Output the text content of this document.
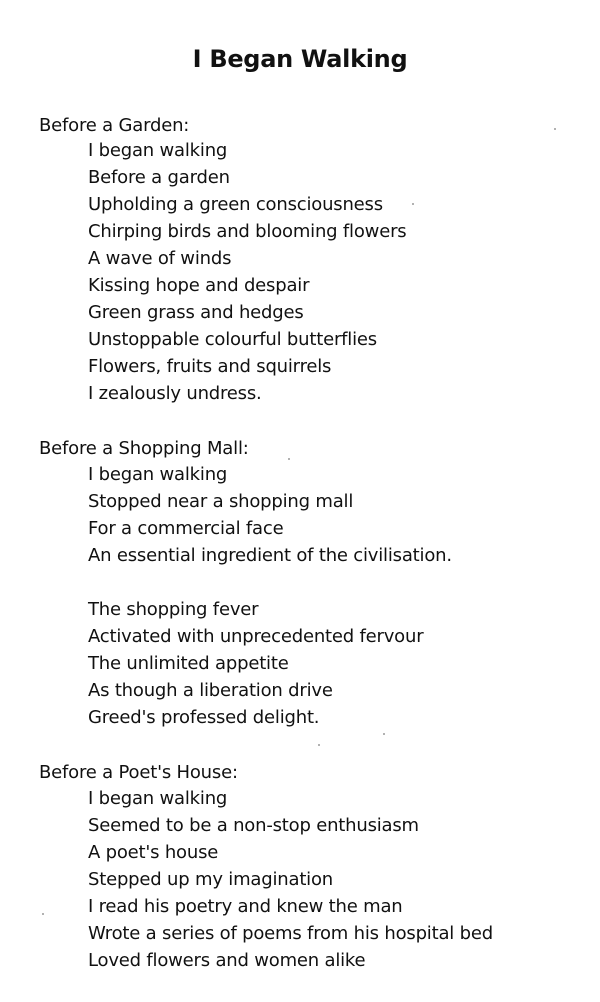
I Began Walking
Before a Garden:
I began walking
Before a garden
Upholding a green consciousness
Chirping birds and blooming flowers
A wave of winds
Kissing hope and despair
Green grass and hedges
Unstoppable colourful butterflies
Flowers, fruits and squirrels
I zealously undress.
Before a Shopping Mall:
I began walking
Stopped near a shopping mall
For a commercial face
An essential ingredient of the civilisation.
The shopping fever
Activated with unprecedented fervour
The unlimited appetite
As though a liberation drive
Greed's professed delight.
Before a Poet's House:
I began walking
Seemed to be a non-stop enthusiasm
A poet's house
Stepped up my imagination
I read his poetry and knew the man
Wrote a series of poems from his hospital bed
Loved flowers and women alike
